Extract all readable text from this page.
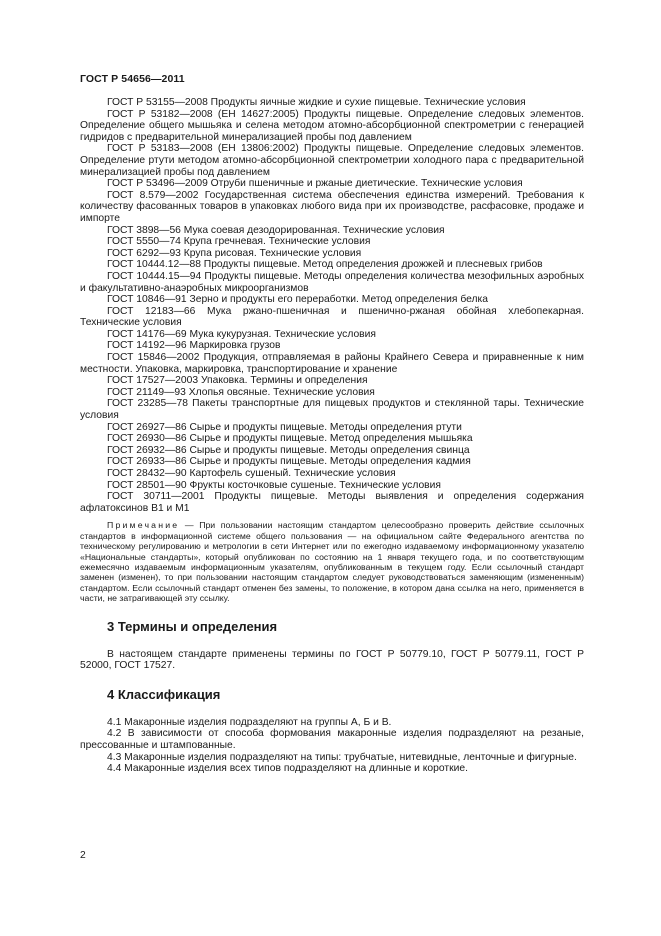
ГОСТ Р 54656—2011

ГОСТ Р 53155—2008 Продукты яичные жидкие и сухие пищевые. Технические условия

ГОСТ Р 53182—2008 (ЕН 14627:2005) Продукты пищевые. Определение следовых элементов. Определение общего мышьяка и селена методом атомно-абсорбционной спектрометрии с генерацией гидридов с предварительной минерализацией пробы под давлением

ГОСТ Р 53183—2008 (ЕН 13806:2002) Продукты пищевые. Определение следовых элементов. Определение ртути методом атомно-абсорбционной спектрометрии холодного пара с предварительной минерализацией пробы под давлением

ГОСТ Р 53496—2009 Отруби пшеничные и ржаные диетические. Технические условия

ГОСТ 8.579—2002 Государственная система обеспечения единства измерений. Требования к количеству фасованных товаров в упаковках любого вида при их производстве, расфасовке, продаже и импорте

ГОСТ 3898—56 Мука соевая дезодорированная. Технические условия

ГОСТ 5550—74 Крупа гречневая. Технические условия

ГОСТ 6292—93 Крупа рисовая. Технические условия

ГОСТ 10444.12—88 Продукты пищевые. Метод определения дрожжей и плесневых грибов

ГОСТ 10444.15—94 Продукты пищевые. Методы определения количества мезофильных аэробных и факультативно-анаэробных микроорганизмов

ГОСТ 10846—91 Зерно и продукты его переработки. Метод определения белка

ГОСТ 12183—66 Мука ржано-пшеничная и пшенично-ржаная обойная хлебопекарная. Технические условия

ГОСТ 14176—69 Мука кукурузная. Технические условия

ГОСТ 14192—96 Маркировка грузов

ГОСТ 15846—2002 Продукция, отправляемая в районы Крайнего Севера и приравненные к ним местности. Упаковка, маркировка, транспортирование и хранение

ГОСТ 17527—2003 Упаковка. Термины и определения

ГОСТ 21149—93 Хлопья овсяные. Технические условия

ГОСТ 23285—78 Пакеты транспортные для пищевых продуктов и стеклянной тары. Технические условия

ГОСТ 26927—86 Сырье и продукты пищевые. Методы определения ртути

ГОСТ 26930—86 Сырье и продукты пищевые. Метод определения мышьяка

ГОСТ 26932—86 Сырье и продукты пищевые. Методы определения свинца

ГОСТ 26933—86 Сырье и продукты пищевые. Методы определения кадмия

ГОСТ 28432—90 Картофель сушеный. Технические условия

ГОСТ 28501—90 Фрукты косточковые сушеные. Технические условия

ГОСТ 30711—2001 Продукты пищевые. Методы выявления и определения содержания афлатоксинов В1 и М1

Примечание — При пользовании настоящим стандартом целесообразно проверить действие ссылочных стандартов в информационной системе общего пользования — на официальном сайте Федерального агентства по техническому регулированию и метрологии в сети Интернет или по ежегодно издаваемому информационному указателю «Национальные стандарты», который опубликован по состоянию на 1 января текущего года, и по соответствующим ежемесячно издаваемым информационным указателям, опубликованным в текущем году. Если ссылочный стандарт заменен (изменен), то при пользовании настоящим стандартом следует руководствоваться заменяющим (измененным) стандартом. Если ссылочный стандарт отменен без замены, то положение, в котором дана ссылка на него, применяется в части, не затрагивающей эту ссылку.
3 Термины и определения

В настоящем стандарте применены термины по ГОСТ Р 50779.10, ГОСТ Р 50779.11, ГОСТ Р 52000, ГОСТ 17527.

4 Классификация

4.1 Макаронные изделия подразделяют на группы А, Б и В.

4.2 В зависимости от способа формования макаронные изделия подразделяют на резаные, прессованные и штампованные.

4.3 Макаронные изделия подразделяют на типы: трубчатые, нитевидные, ленточные и фигурные.

4.4 Макаронные изделия всех типов подразделяют на длинные и короткие.

2
